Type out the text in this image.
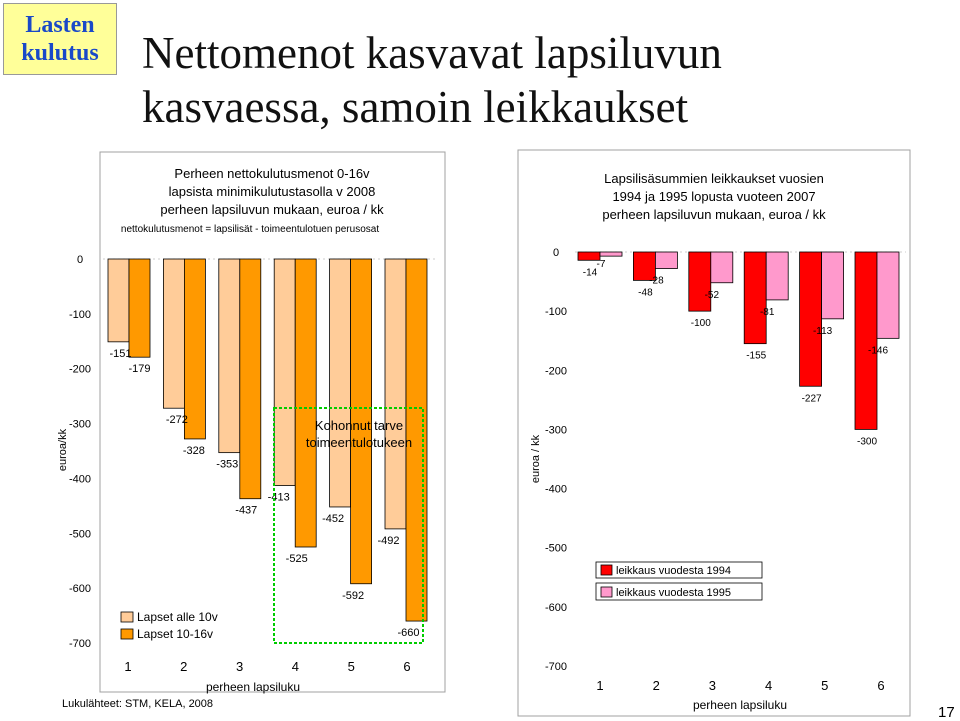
Lasten
kulutus Nettomenot kasvavat lapsiluvun
kasvaessa, samoin leikkaukset
Perheen nettokulutusmenot 0-16v
lapsista minimikulutustasolla v 2008
perheen lapsiluvun mukaan, euroa / kk
nettokulutusmenot = lapsilisät - toimeentulotuen perusosat
euroa/kk
perheen lapsiluku
0
-100
-200
-300
-400
-500
-600
-700
-151
-179
-272
-328
-353
-437
-413
-525
-452
-592
-492
-660
1	2	3	4	5	6
Kohonnut tarve
toimeentulotukeen
Lapset alle 10v
Lapset 10-16v
Lapsilisäsummien leikkaukset vuosien
1994 ja 1995 lopusta vuoteen 2007
perheen lapsiluvun mukaan, euroa / kk
euroa / kk
perheen lapsiluku
0
-100
-200
-300
-400
-500
-600
-700
-14
-7
-48
-28
-100
-52
-155
-81
-227
-113
-300
-146
1	2	3	4	5	6
leikkaus vuodesta 1994
leikkaus vuodesta 1995
Lukulähteet: STM, KELA, 2008	17
